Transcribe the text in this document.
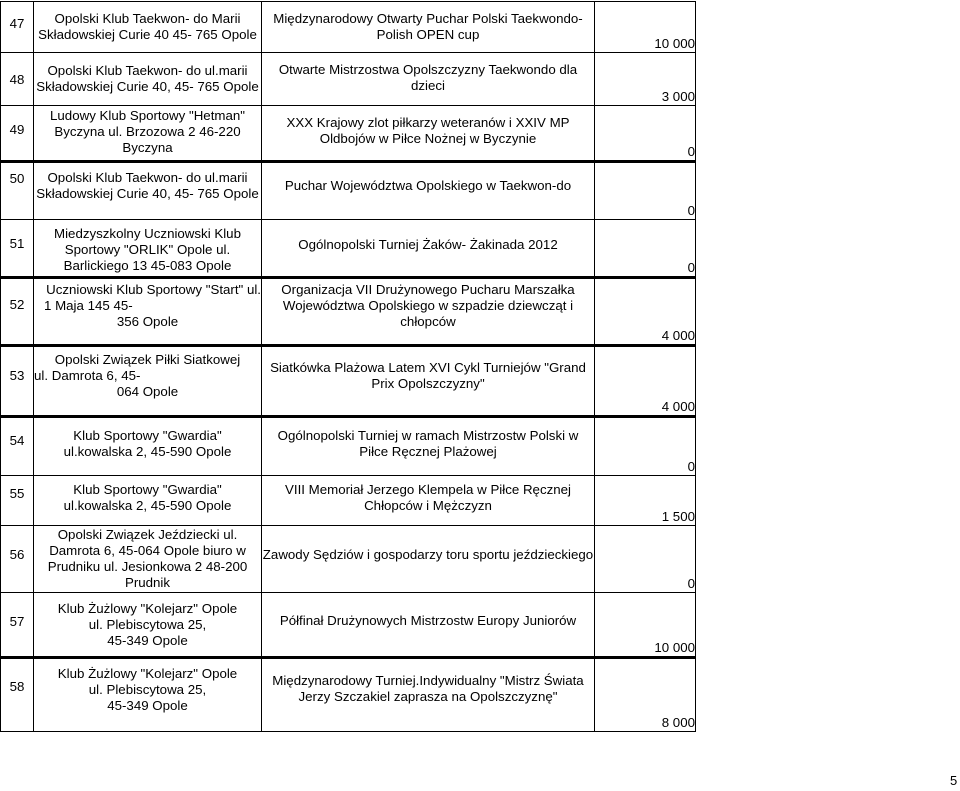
47	Opolski Klub Taekwon- do Marii
Składowskiej Curie 40 45- 765 Opole	Międzynarodowy Otwarty Puchar Polski Taekwondo-
Polish OPEN cup	10 000
48	Opolski Klub Taekwon- do ul.marii
Składowskiej Curie 40, 45- 765 Opole	Otwarte Mistrzostwa Opolszczyzny Taekwondo dla
dzieci	3 000
49	Ludowy Klub Sportowy "Hetman"
Byczyna ul. Brzozowa 2 46-220
Byczyna	XXX Krajowy zlot piłkarzy weteranów i XXIV MP
Oldbojów w Piłce Nożnej w Byczynie	0
50	Opolski Klub Taekwon- do ul.marii
Składowskiej Curie 40, 45- 765 Opole	Puchar Województwa Opolskiego w Taekwon-do	0
51	Miedzyszkolny Uczniowski Klub
Sportowy "ORLIK" Opole ul.
Barlickiego 13 45-083 Opole	Ogólnopolski Turniej Żaków- Żakinada 2012	0
52	Uczniowski Klub Sportowy "Start" ul.
1 Maja 145 45-
356 Opole	Organizacja VII Drużynowego Pucharu Marszałka
Województwa Opolskiego w szpadzie dziewcząt i
chłopców	4 000
53	Opolski Związek Piłki Siatkowej
ul. Damrota 6, 45-
064 Opole	Siatkówka Plażowa Latem XVI Cykl Turniejów "Grand
Prix Opolszczyzny"	4 000
54	Klub Sportowy "Gwardia"
ul.kowalska 2, 45-590 Opole	Ogólnopolski Turniej w ramach Mistrzostw Polski w
Piłce Ręcznej Plażowej	0
55	Klub Sportowy "Gwardia"
ul.kowalska 2, 45-590 Opole	VIII Memoriał Jerzego Klempela w Piłce Ręcznej
Chłopców i Mężczyzn	1 500
56	Opolski Związek Jeździecki ul.
Damrota 6, 45-064 Opole biuro w
Prudniku ul. Jesionkowa 2 48-200
Prudnik	Zawody Sędziów i gospodarzy toru sportu jeździeckiego	0
57	Klub Żużlowy "Kolejarz" Opole
ul. Plebiscytowa 25,
45-349 Opole	Półfinał Drużynowych Mistrzostw Europy Juniorów	10 000
58	Klub Żużlowy "Kolejarz" Opole
ul. Plebiscytowa 25,
45-349 Opole	Międzynarodowy Turniej.Indywidualny "Mistrz Świata
Jerzy Szczakiel zaprasza na Opolszczyznę"	8 000
5
